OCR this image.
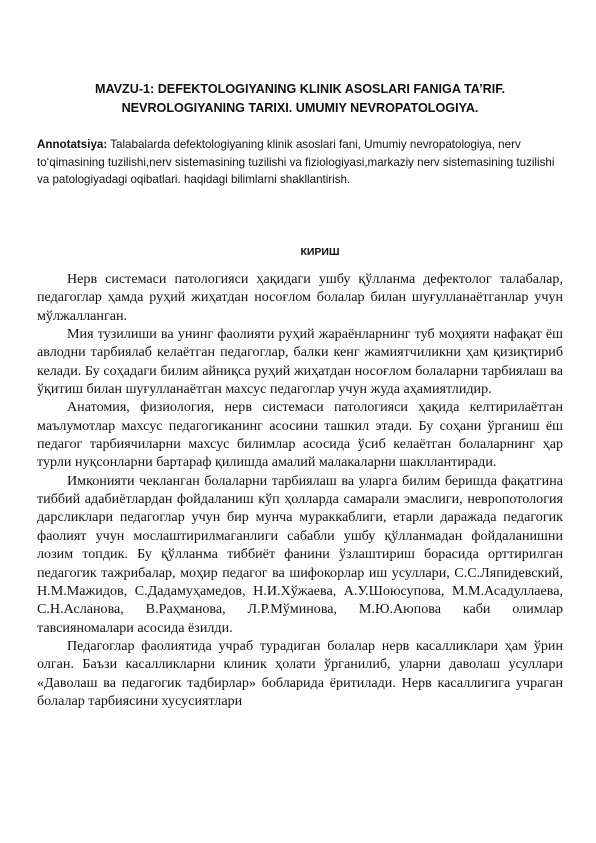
MAVZU-1: DEFEKTOLOGIYANING KLINIK ASOSLARI FANIGA TA’RIF.
NEVROLOGIYANING TARIXI. UMUMIY NEVROPATOLOGIYA.
Annotatsiya: Talabalarda defektologiyaning klinik asoslari fani, Umumiy nevropatologiya, nerv to‘qimasining tuzilishi,nerv sistemasining tuzilishi va fiziologiyasi,markaziy nerv sistemasining tuzilishi va patologiyadagi oqibatlari. haqidagi bilimlarni shakllantirish.
КИРИШ

Нерв системаси патологияси ҳақидаги ушбу қўлланма дефектолог талабалар, педагоглар ҳамда руҳий жиҳатдан носоғлом болалар билан шуғулланаётганлар учун мўлжалланган.

Мия тузилиши ва унинг фаолияти руҳий жараёнларнинг туб моҳияти нафақат ёш авлодни тарбиялаб келаётган педагоглар, балки кенг жамиятчиликни ҳам қизиқтириб келади. Бу соҳадаги билим айниқса руҳий жиҳатдан носоғлом болаларни тарбиялаш ва ўқитиш билан шуғулланаётган махсус педагоглар учун жуда аҳамиятлидир.

Анатомия, физиология, нерв системаси патологияси ҳақида келтирилаётган маълумотлар махсус педагогиканинг асосини ташкил этади. Бу соҳани ўрганиш ёш педагог тарбиячиларни махсус билимлар асосида ўсиб келаётган болаларнинг ҳар турли нуқсонларни бартараф қилишда амалий малакаларни шакллантиради.

Имконияти чекланган болаларни тарбиялаш ва уларга билим беришда фақатгина тиббий адабиётлардан фойдаланиш кўп ҳолларда самарали эмаслиги, невропотология дарсликлари педагоглар учун бир мунча мураккаблиги, етарли даражада педагогик фаолият учун мослаштирилмаганлиги сабабли ушбу қўлланмадан фойдаланишни лозим топдик. Бу қўлланма тиббиёт фанини ўзлаштириш борасида орттирилган педагогик тажрибалар, моҳир педагог ва шифокорлар иш усуллари, С.С.Ляпидевский, Н.М.Мажидов, С.Дадамуҳамедов, Н.И.Хўжаева, А.У.Шоюсупова, М.М.Асадуллаева, С.Н.Асланова, В.Раҳманова, Л.Р.Мўминова, М.Ю.Аюпова каби олимлар тавсияномалари асосида ёзилди.

Педагоглар фаолиятида учраб турадиган болалар нерв касалликлари ҳам ўрин олган. Баъзи касалликларни клиник ҳолати ўрганилиб, уларни даволаш усуллари «Даволаш ва педагогик тадбирлар» бобларида ёритилади. Нерв касаллигига учраган болалар тарбиясини хусусиятлари
